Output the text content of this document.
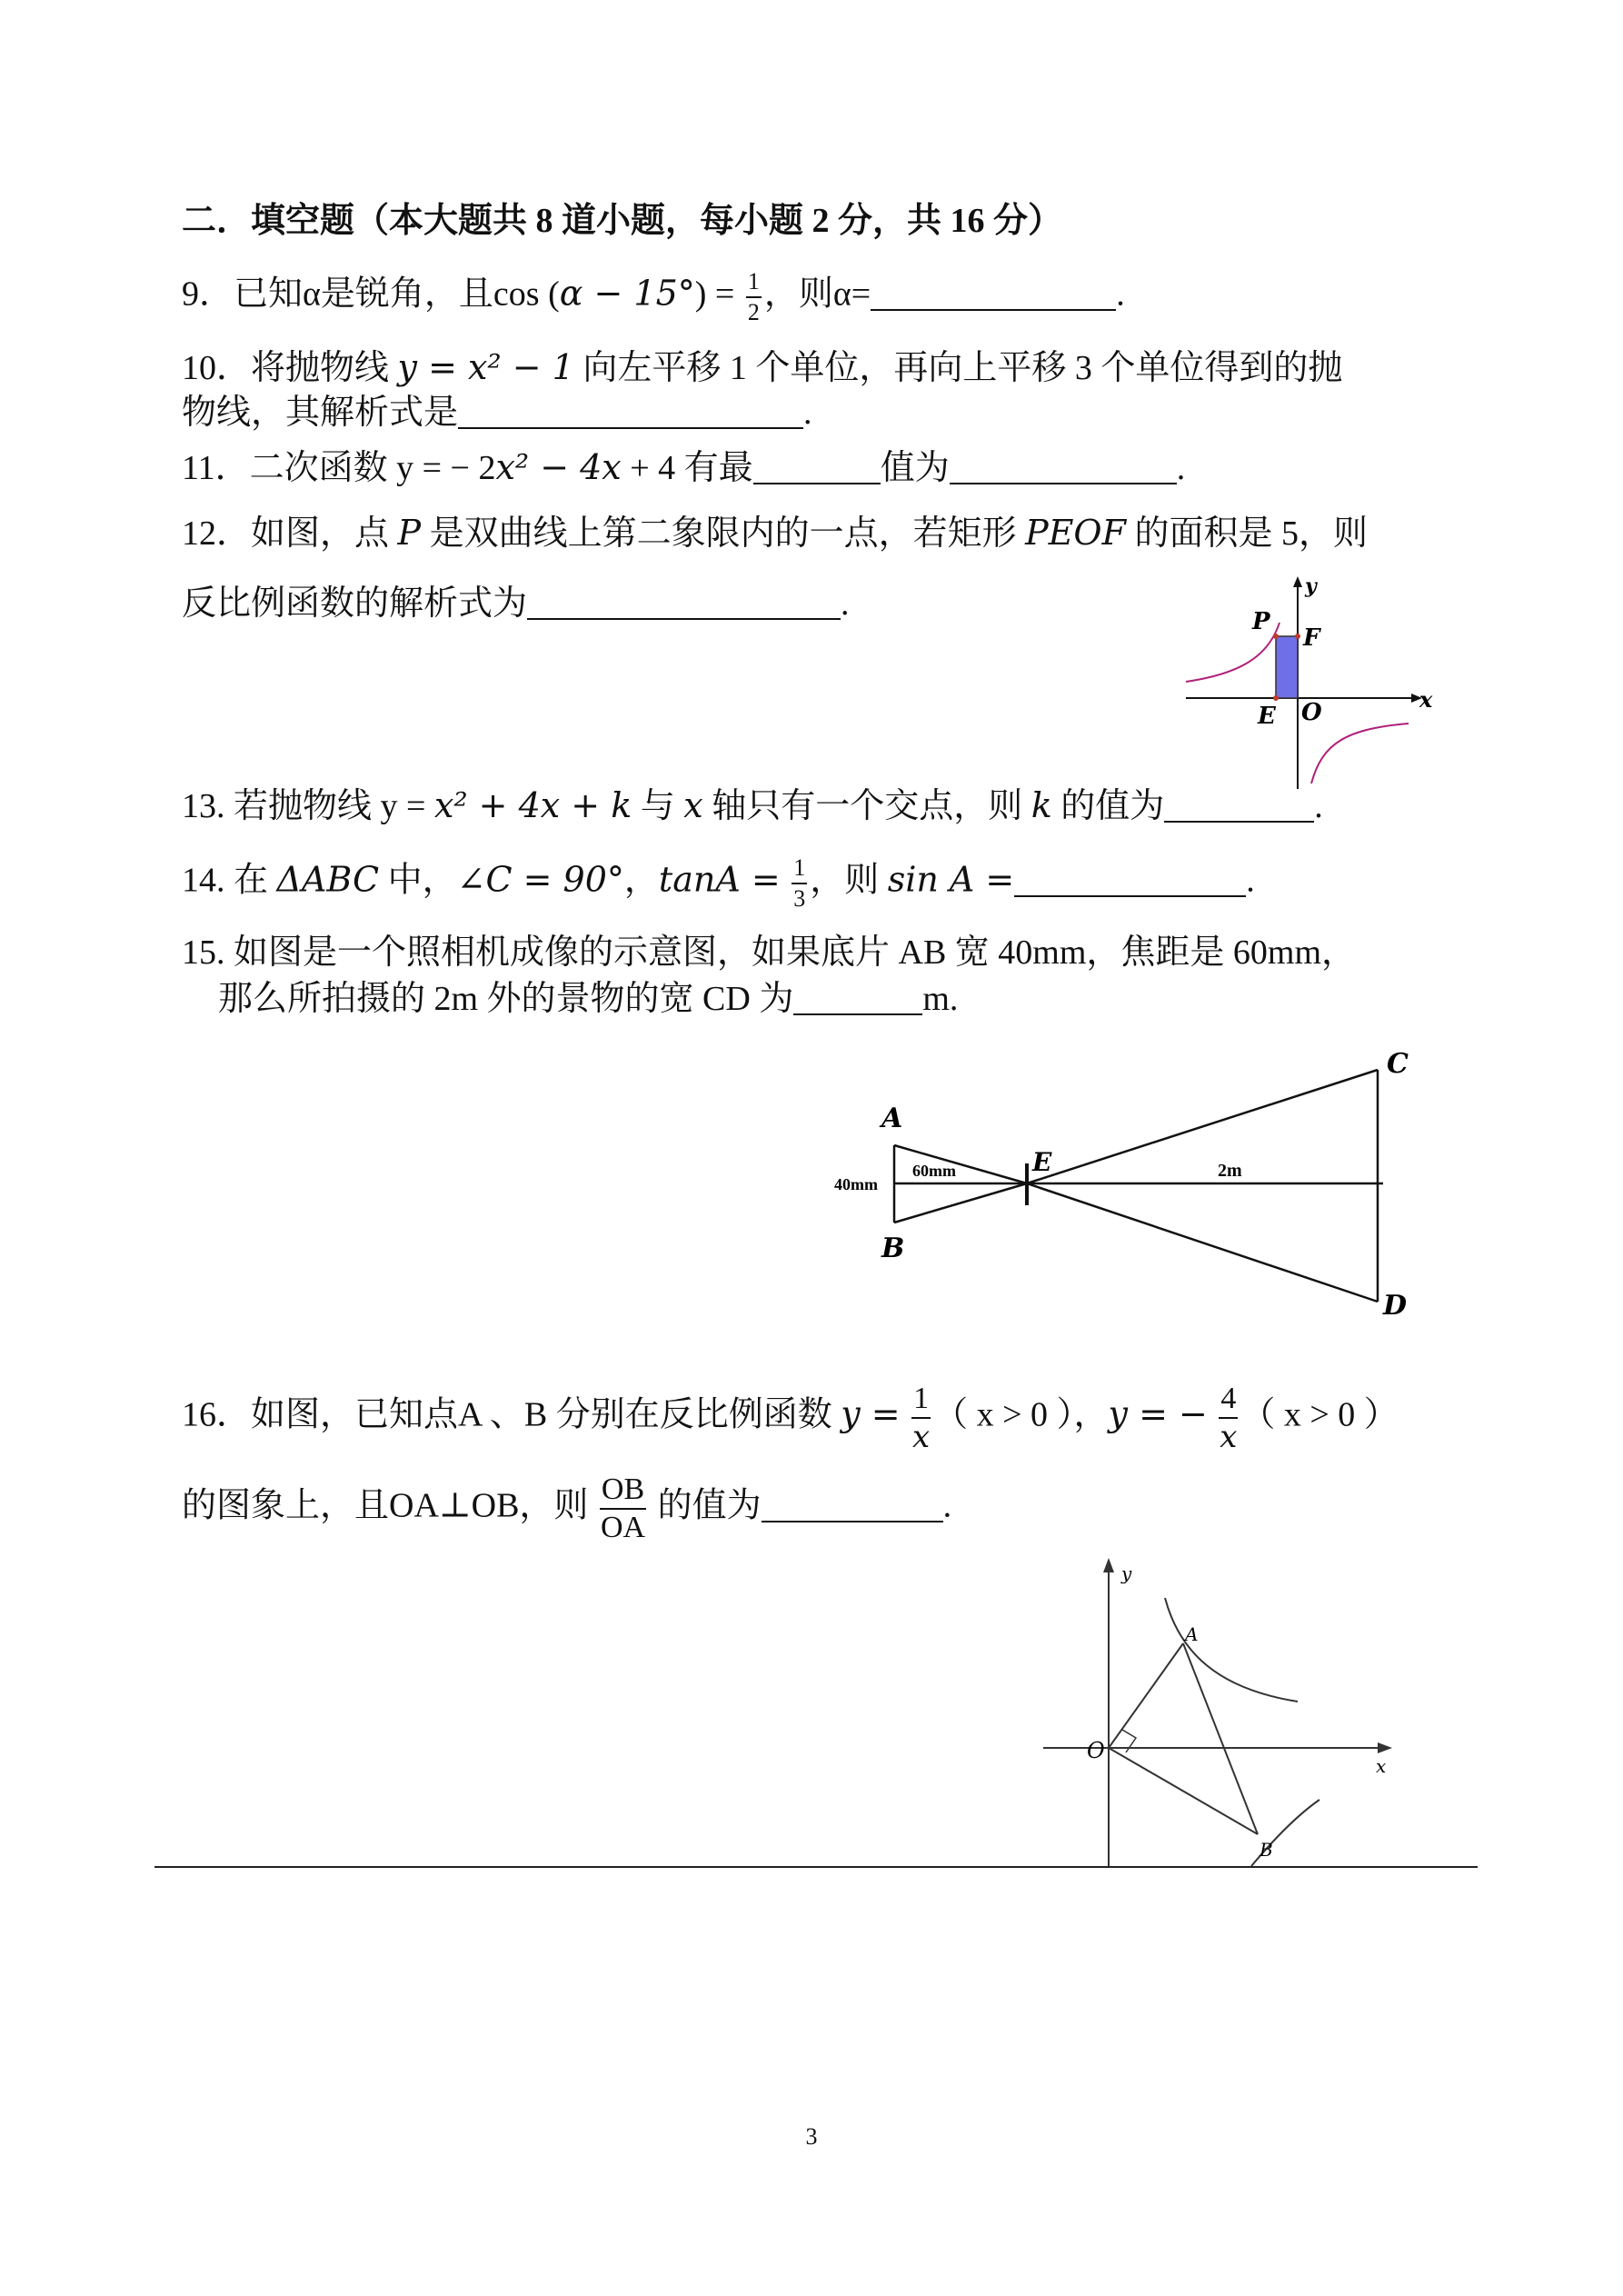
二．填空题（本大题共 8 道小题，每小题 2 分，共 16 分）
9．已知α是锐角，且$\cos (\alpha - 15^\circ) = \frac{1}{2}$ ，则α=	.
10．将抛物线 y = x² − 1 向左平移 1 个单位，再向上平移 3 个单位得到的抛
物线，其解析式是	.
11．二次函数 y = − 2x² − 4x + 4 有最	值为	.
12．如图，点 P 是双曲线上第二象限内的一点，若矩形 PEOF 的面积是 5，则
反比例函数的解析式为	.	y
P
F
E O	x
13. 若抛物线 y = x² + 4x + k 与 x 轴只有一个交点，则 k 的值为	.
14. 在 ΔABC 中，∠C = 90°，$\tan A = \frac{1}{3}$ ，则 sin A =	.
15. 如图是一个照相机成像的示意图，如果底片 AB 宽 40mm，焦距是 60mm，
那么所拍摄的 2m 外的景物的宽 CD 为	m.
A
B
C
D
E
40mm
60mm	2m
16．如图，已知点A 、B 分别在反比例函数 $y = \frac{1}{x}$ （ x > 0 ），y = − $\frac{4}{x}$ （ x > 0 ）
的图象上，且OA⊥OB，则 $\frac{OB}{OA}$ 的值为	.
y
A
O
x
B
3
